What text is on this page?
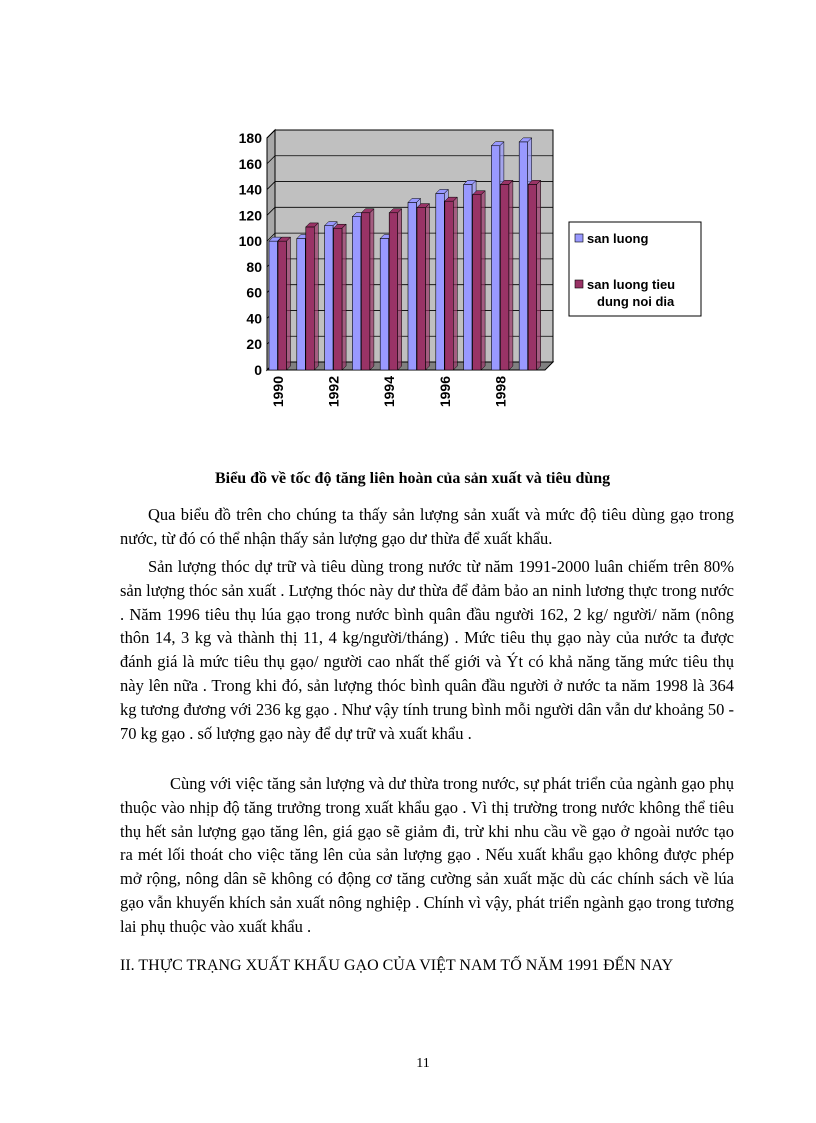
0
20
40
60
80
100
120
140
160
180
1990	1992	1994	1996	1998
san luong
san luong tieu dung noi dia
Biểu đồ về tốc độ tăng liên hoàn của sản xuất và tiêu dùng

Qua biểu đồ trên cho chúng ta thấy sản lượng sản xuất và mức độ tiêu dùng gạo trong nước, từ đó có thể nhận thấy sản lượng gạo dư thừa để xuất khẩu.

Sản lượng thóc dự trữ và tiêu dùng trong nước từ năm 1991-2000 luân chiếm trên 80% sản lượng thóc sản xuất . Lượng thóc này dư thừa để đảm bảo an ninh lương thực trong nước . Năm 1996 tiêu thụ lúa gạo trong nước bình quân đầu người 162, 2 kg/ người/ năm (nông thôn 14, 3 kg và thành thị 11, 4 kg/người/tháng) . Mức tiêu thụ gạo này của nước ta được đánh giá là mức tiêu thụ gạo/ người cao nhất thế giới và Ýt có khả năng tăng mức tiêu thụ này lên nữa . Trong khi đó, sản lượng thóc bình quân đầu người ở nước ta năm 1998 là 364 kg tương đương với 236 kg gạo . Như vậy tính trung bình mỗi người dân vẫn dư khoảng 50 - 70 kg gạo . số lượng gạo này để dự trữ và xuất khẩu .

Cùng với việc tăng sản lượng và dư thừa trong nước, sự phát triển của ngành gạo phụ thuộc vào nhịp độ tăng trưởng trong xuất khẩu gạo . Vì thị trường trong nước không thể tiêu thụ hết sản lượng gạo tăng lên, giá gạo sẽ giảm đi, trừ khi nhu cầu về gạo ở ngoài nước tạo ra mét lối thoát cho việc tăng lên của sản lượng gạo . Nếu xuất khẩu gạo không được phép mở rộng, nông dân sẽ không có động cơ tăng cường sản xuất mặc dù các chính sách về lúa gạo vẫn khuyến khích sản xuất nông nghiệp . Chính vì vậy, phát triển ngành gạo trong tương lai phụ thuộc vào xuất khẩu .

II. THỰC TRẠNG XUẤT KHẨU GẠO CỦA VIỆT NAM TỐ NĂM 1991 ĐẾN NAY
11
